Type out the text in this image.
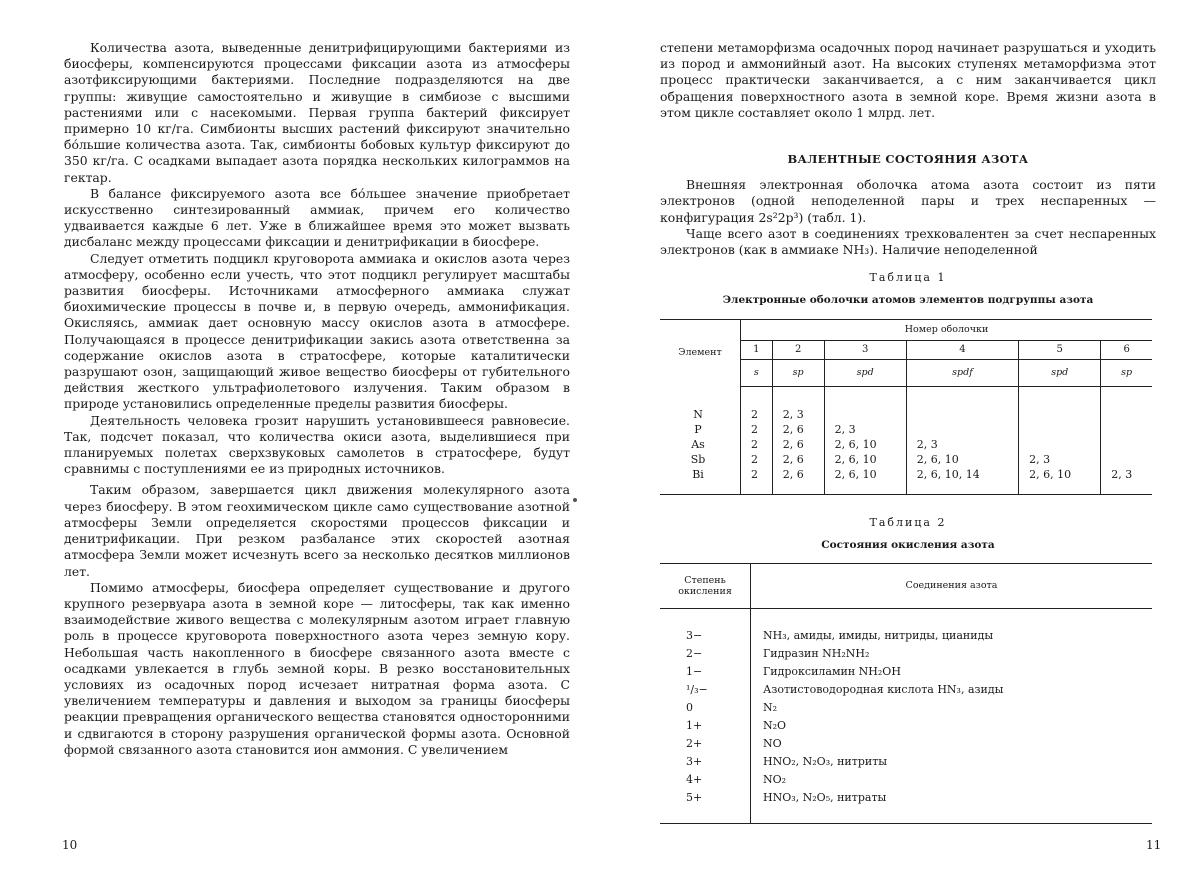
Количества азота, выведенные денитрифицирующими бактериями из биосферы, компенсируются процессами фиксации азота из атмосферы азотфиксирующими бактериями. Последние подразделяются на две группы: живущие самостоятельно и живущие в симбиозе с высшими растениями или с насекомыми. Первая группа бактерий фиксирует примерно 10 кг/га. Симбионты высших растений фиксируют значительно бо́льшие количества азота. Так, симбионты бобовых культур фиксируют до 350 кг/га. С осадками выпадает азота порядка нескольких килограммов на гектар.

В балансе фиксируемого азота все бо́льшее значение приобретает искусственно синтезированный аммиак, причем его количество удваивается каждые 6 лет. Уже в ближайшее время это может вызвать дисбаланс между процессами фиксации и денитрификации в биосфере.

Следует отметить подцикл круговорота аммиака и окислов азота через атмосферу, особенно если учесть, что этот подцикл регулирует масштабы развития биосферы. Источниками атмосферного аммиака служат биохимические процессы в почве и, в первую очередь, аммонификация. Окисляясь, аммиак дает основную массу окислов азота в атмосфере. Получающаяся в процессе денитрификации закись азота ответственна за содержание окислов азота в стратосфере, которые каталитически разрушают озон, защищающий живое вещество биосферы от губительного действия жесткого ультрафиолетового излучения. Таким образом в природе установились определенные пределы развития биосферы.

Деятельность человека грозит нарушить установившееся равновесие. Так, подсчет показал, что количества окиси азота, выделившиеся при планируемых полетах сверхзвуковых самолетов в стратосфере, будут сравнимы с поступлениями ее из природных источников.

Таким образом, завершается цикл движения молекулярного азота через биосферу. В этом геохимическом цикле само существование азотной атмосферы Земли определяется скоростями процессов фиксации и денитрификации. При резком разбалансе этих скоростей азотная атмосфера Земли может исчезнуть всего за несколько десятков миллионов лет.

Помимо атмосферы, биосфера определяет существование и другого крупного резервуара азота в земной коре — литосферы, так как именно взаимодействие живого вещества с молекулярным азотом играет главную роль в процессе круговорота поверхностного азота через земную кору. Небольшая часть накопленного в биосфере связанного азота вместе с осадками увлекается в глубь земной коры. В резко восстановительных условиях из осадочных пород исчезает нитратная форма азота. С увеличением температуры и давления и выходом за границы биосферы реакции превращения органического вещества становятся односторонними и сдвигаются в сторону разрушения органической формы азота. Основной формой связанного азота становится ион аммония. С увеличением

10

степени метаморфизма осадочных пород начинает разрушаться и уходить из пород и аммонийный азот. На высоких ступенях метаморфизма этот процесс практически заканчивается, а с ним заканчивается цикл обращения поверхностного азота в земной коре. Время жизни азота в этом цикле составляет около 1 млрд. лет.

ВАЛЕНТНЫЕ СОСТОЯНИЯ АЗОТА

Внешняя электронная оболочка атома азота состоит из пяти электронов (одной неподеленной пары и трех неспаренных — конфигурация 2s²2p³) (табл. 1).

Чаще всего азот в соединениях трехковалентен за счет неспаренных электронов (как в аммиаке NH₃). Наличие неподеленной

Таблица 1
Электронные оболочки атомов элементов подгруппы азота
Элемент	Номер оболочки					
	1	2	3	4	5	6
	s	sp	spd	spdf	spd	sp

N	2	2, 3				
P	2	2, 6	2, 3			
As	2	2, 6	2, 6, 10	2, 3		
Sb	2	2, 6	2, 6, 10	2, 6, 10	2, 3	
Bi	2	2, 6	2, 6, 10	2, 6, 10, 14	2, 6, 10	2, 3

Таблица 2
Состояния окисления азота
Степень окисления	Соединения азота

3−	NH₃, амиды, имиды, нитриды, цианиды
2−	Гидразин NH₂NH₂
1−	Гидроксиламин NH₂OH
¹/₃−	Азотистоводородная кислота HN₃, азиды
0	N₂
1+	N₂O
2+	NO
3+	HNO₂, N₂O₃, нитриты
4+	NO₂
5+	HNO₃, N₂O₅, нитраты

11
